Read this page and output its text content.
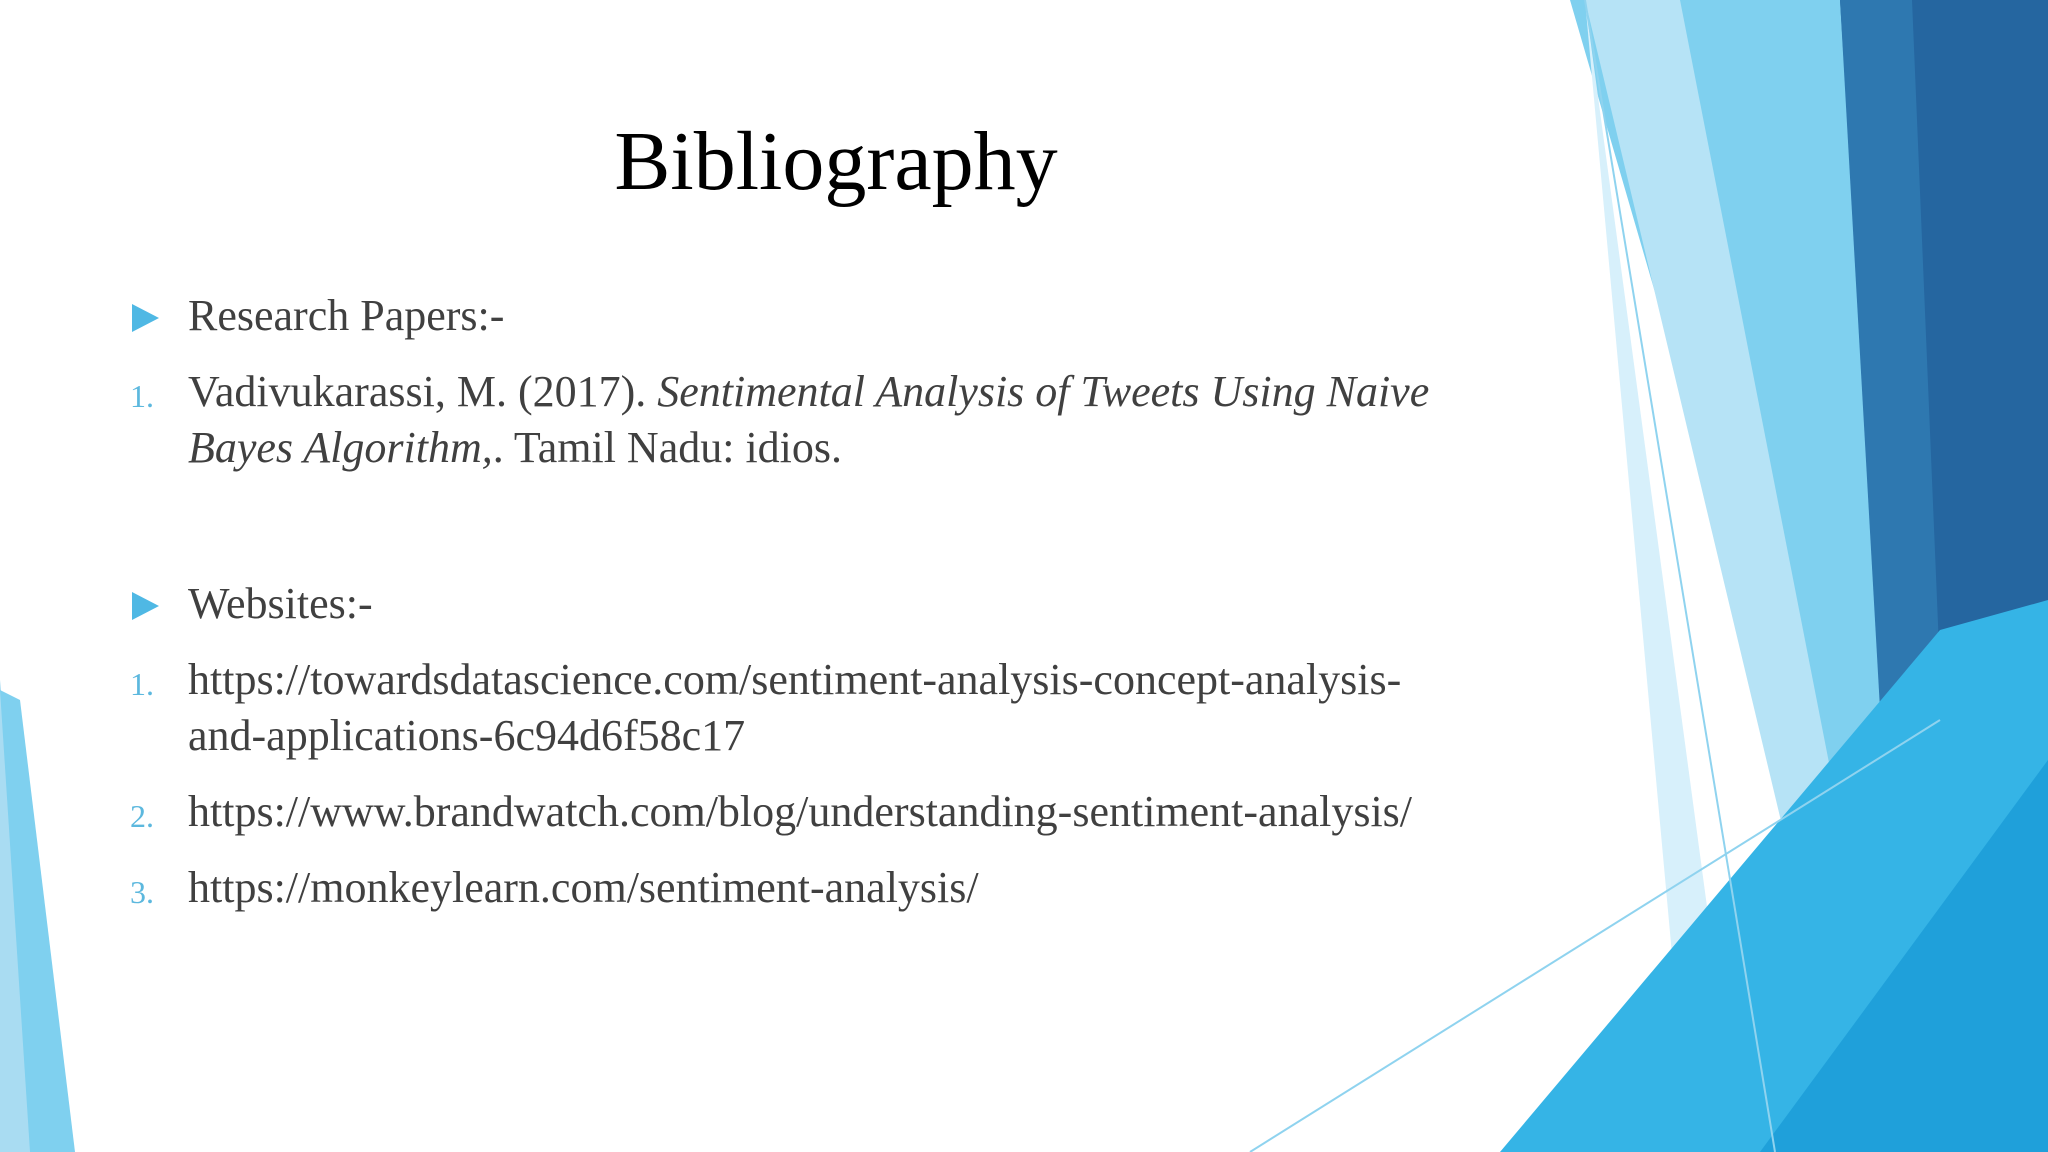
Bibliography
Research Papers:-
1. Vadivukarassi, M. (2017). Sentimental Analysis of Tweets Using Naive
Bayes Algorithm,. Tamil Nadu: idios.
Websites:-
1. https://towardsdatascience.com/sentiment-analysis-concept-analysis-
and-applications-6c94d6f58c17
2. https://www.brandwatch.com/blog/understanding-sentiment-analysis/
3. https://monkeylearn.com/sentiment-analysis/
